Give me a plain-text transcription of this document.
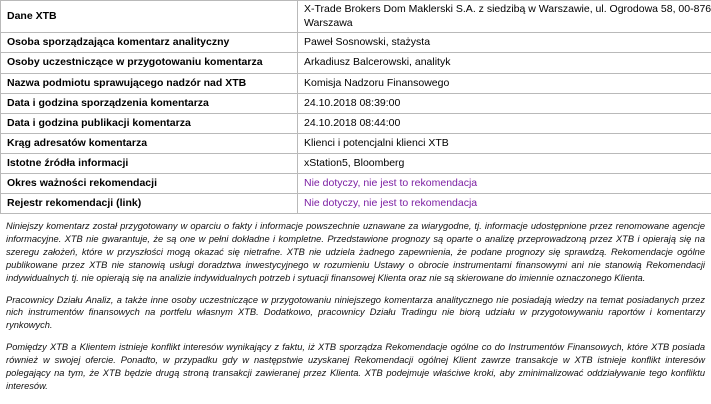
Dane XTB	X-Trade Brokers Dom Maklerski S.A. z siedzibą w Warszawie, ul. Ogrodowa 58, 00-876 Warszawa
Osoba sporządzająca komentarz analityczny	Paweł Sosnowski, stażysta
Osoby uczestniczące w przygotowaniu komentarza	Arkadiusz Balcerowski, analityk
Nazwa podmiotu sprawującego nadzór nad XTB	Komisja Nadzoru Finansowego
Data i godzina sporządzenia komentarza	24.10.2018 08:39:00
Data i godzina publikacji komentarza	24.10.2018 08:44:00
Krąg adresatów komentarza	Klienci i potencjalni klienci XTB
Istotne źródła informacji	xStation5, Bloomberg
Okres ważności rekomendacji	Nie dotyczy, nie jest to rekomendacja
Rejestr rekomendacji (link)	Nie dotyczy, nie jest to rekomendacja

Niniejszy komentarz został przygotowany w oparciu o fakty i informacje powszechnie uznawane za wiarygodne, tj. informacje udostępnione przez renomowane agencje informacyjne. XTB nie gwarantuje, że są one w pełni dokładne i kompletne. Przedstawione prognozy są oparte o analizę przeprowadzoną przez XTB i opierają się na szeregu założeń, które w przyszłości mogą okazać się nietrafne. XTB nie udziela żadnego zapewnienia, że podane prognozy się sprawdzą. Rekomendacje ogólne publikowane przez XTB nie stanowią usługi doradztwa inwestycyjnego w rozumieniu Ustawy o obrocie instrumentami finansowymi ani nie stanowią Rekomendacji indywidualnych tj. nie opierają się na analizie indywidualnych potrzeb i sytuacji finansowej Klienta oraz nie są skierowane do imiennie oznaczonego Klienta.

Pracownicy Działu Analiz, a także inne osoby uczestniczące w przygotowaniu niniejszego komentarza analitycznego nie posiadają wiedzy na temat posiadanych przez nich instrumentów finansowych na portfelu własnym XTB. Dodatkowo, pracownicy Działu Tradingu nie biorą udziału w przygotowywaniu raportów i komentarzy rynkowych.

Pomiędzy XTB a Klientem istnieje konflikt interesów wynikający z faktu, iż XTB sporządza Rekomendacje ogólne co do Instrumentów Finansowych, które XTB posiada również w swojej ofercie. Ponadto, w przypadku gdy w następstwie uzyskanej Rekomendacji ogólnej Klient zawrze transakcje w XTB istnieje konflikt interesów polegający na tym, że XTB będzie drugą stroną transakcji zawieranej przez Klienta. XTB podejmuje właściwe kroki, aby zminimalizować oddziaływanie tego konfliktu interesów.
